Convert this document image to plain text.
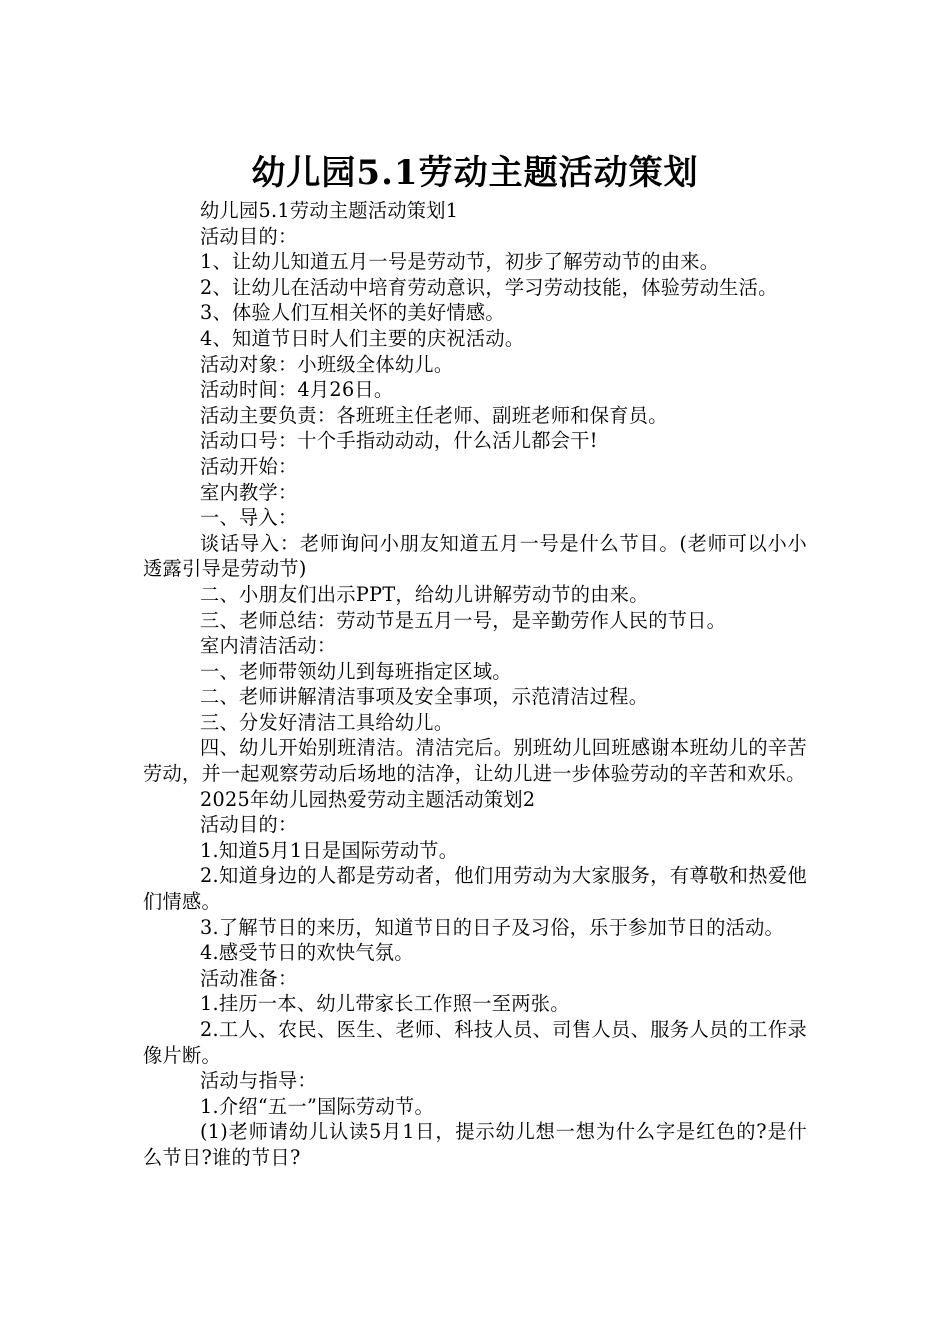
幼儿园5.1劳动主题活动策划

幼儿园5.1劳动主题活动策划1

活动目的：

1、让幼儿知道五月一号是劳动节，初步了解劳动节的由来。

2、让幼儿在活动中培育劳动意识，学习劳动技能，体验劳动生活。

3、体验人们互相关怀的美好情感。

4、知道节日时人们主要的庆祝活动。

活动对象：小班级全体幼儿。

活动时间：4月26日。

活动主要负责：各班班主任老师、副班老师和保育员。

活动口号：十个手指动动动，什么活儿都会干!

活动开始：

室内教学：

一、导入：

谈话导入：老师询问小朋友知道五月一号是什么节目。(老师可以小小透露引导是劳动节)

二、小朋友们出示PPT，给幼儿讲解劳动节的由来。

三、老师总结：劳动节是五月一号，是辛勤劳作人民的节日。

室内清洁活动：

一、老师带领幼儿到每班指定区域。

二、老师讲解清洁事项及安全事项，示范清洁过程。

三、分发好清洁工具给幼儿。

四、幼儿开始别班清洁。清洁完后。别班幼儿回班感谢本班幼儿的辛苦劳动，并一起观察劳动后场地的洁净，让幼儿进一步体验劳动的辛苦和欢乐。

2025年幼儿园热爱劳动主题活动策划2

活动目的：

1.知道5月1日是国际劳动节。

2.知道身边的人都是劳动者，他们用劳动为大家服务，有尊敬和热爱他们情感。

3.了解节日的来历，知道节日的日子及习俗，乐于参加节日的活动。

4.感受节日的欢快气氛。

活动准备：

1.挂历一本、幼儿带家长工作照一至两张。

2.工人、农民、医生、老师、科技人员、司售人员、服务人员的工作录像片断。

活动与指导：

1.介绍“五一”国际劳动节。

(1)老师请幼儿认读5月1日，提示幼儿想一想为什么字是红色的?是什么节日?谁的节日?
